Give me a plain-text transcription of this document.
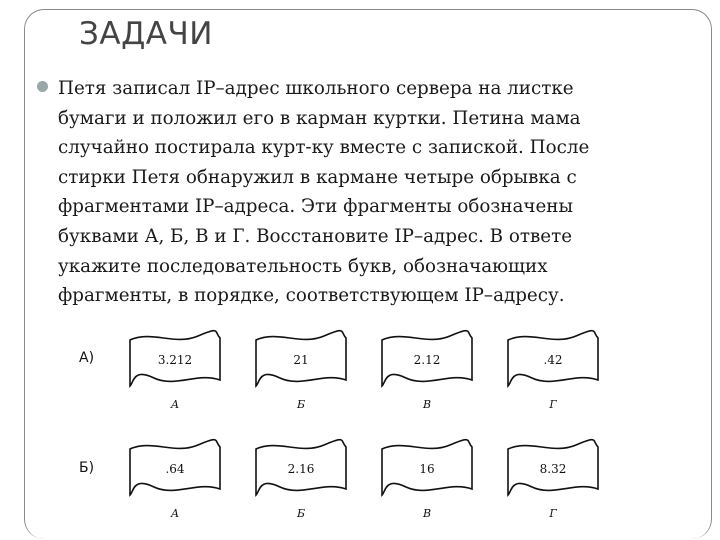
ЗАДАЧИ
Петя записал IP–адрес школьного сервера на листке
бумаги и положил его в карман куртки. Петина мама
случайно постирала курт-ку вместе с запиской. После
стирки Петя обнаружил в кармане четыре обрывка с
фрагментами IP–адреса. Эти фрагменты обозначены
буквами А, Б, В и Г. Восстановите IP–адрес. В ответе
укажите последовательность букв, обозначающих
фрагменты, в порядке, соответствующем IP–адресу.
А)
Б)
3.212
А
21
Б
2.12
В
.42
Г
.64
А
2.16
Б
16
В
8.32
Г
